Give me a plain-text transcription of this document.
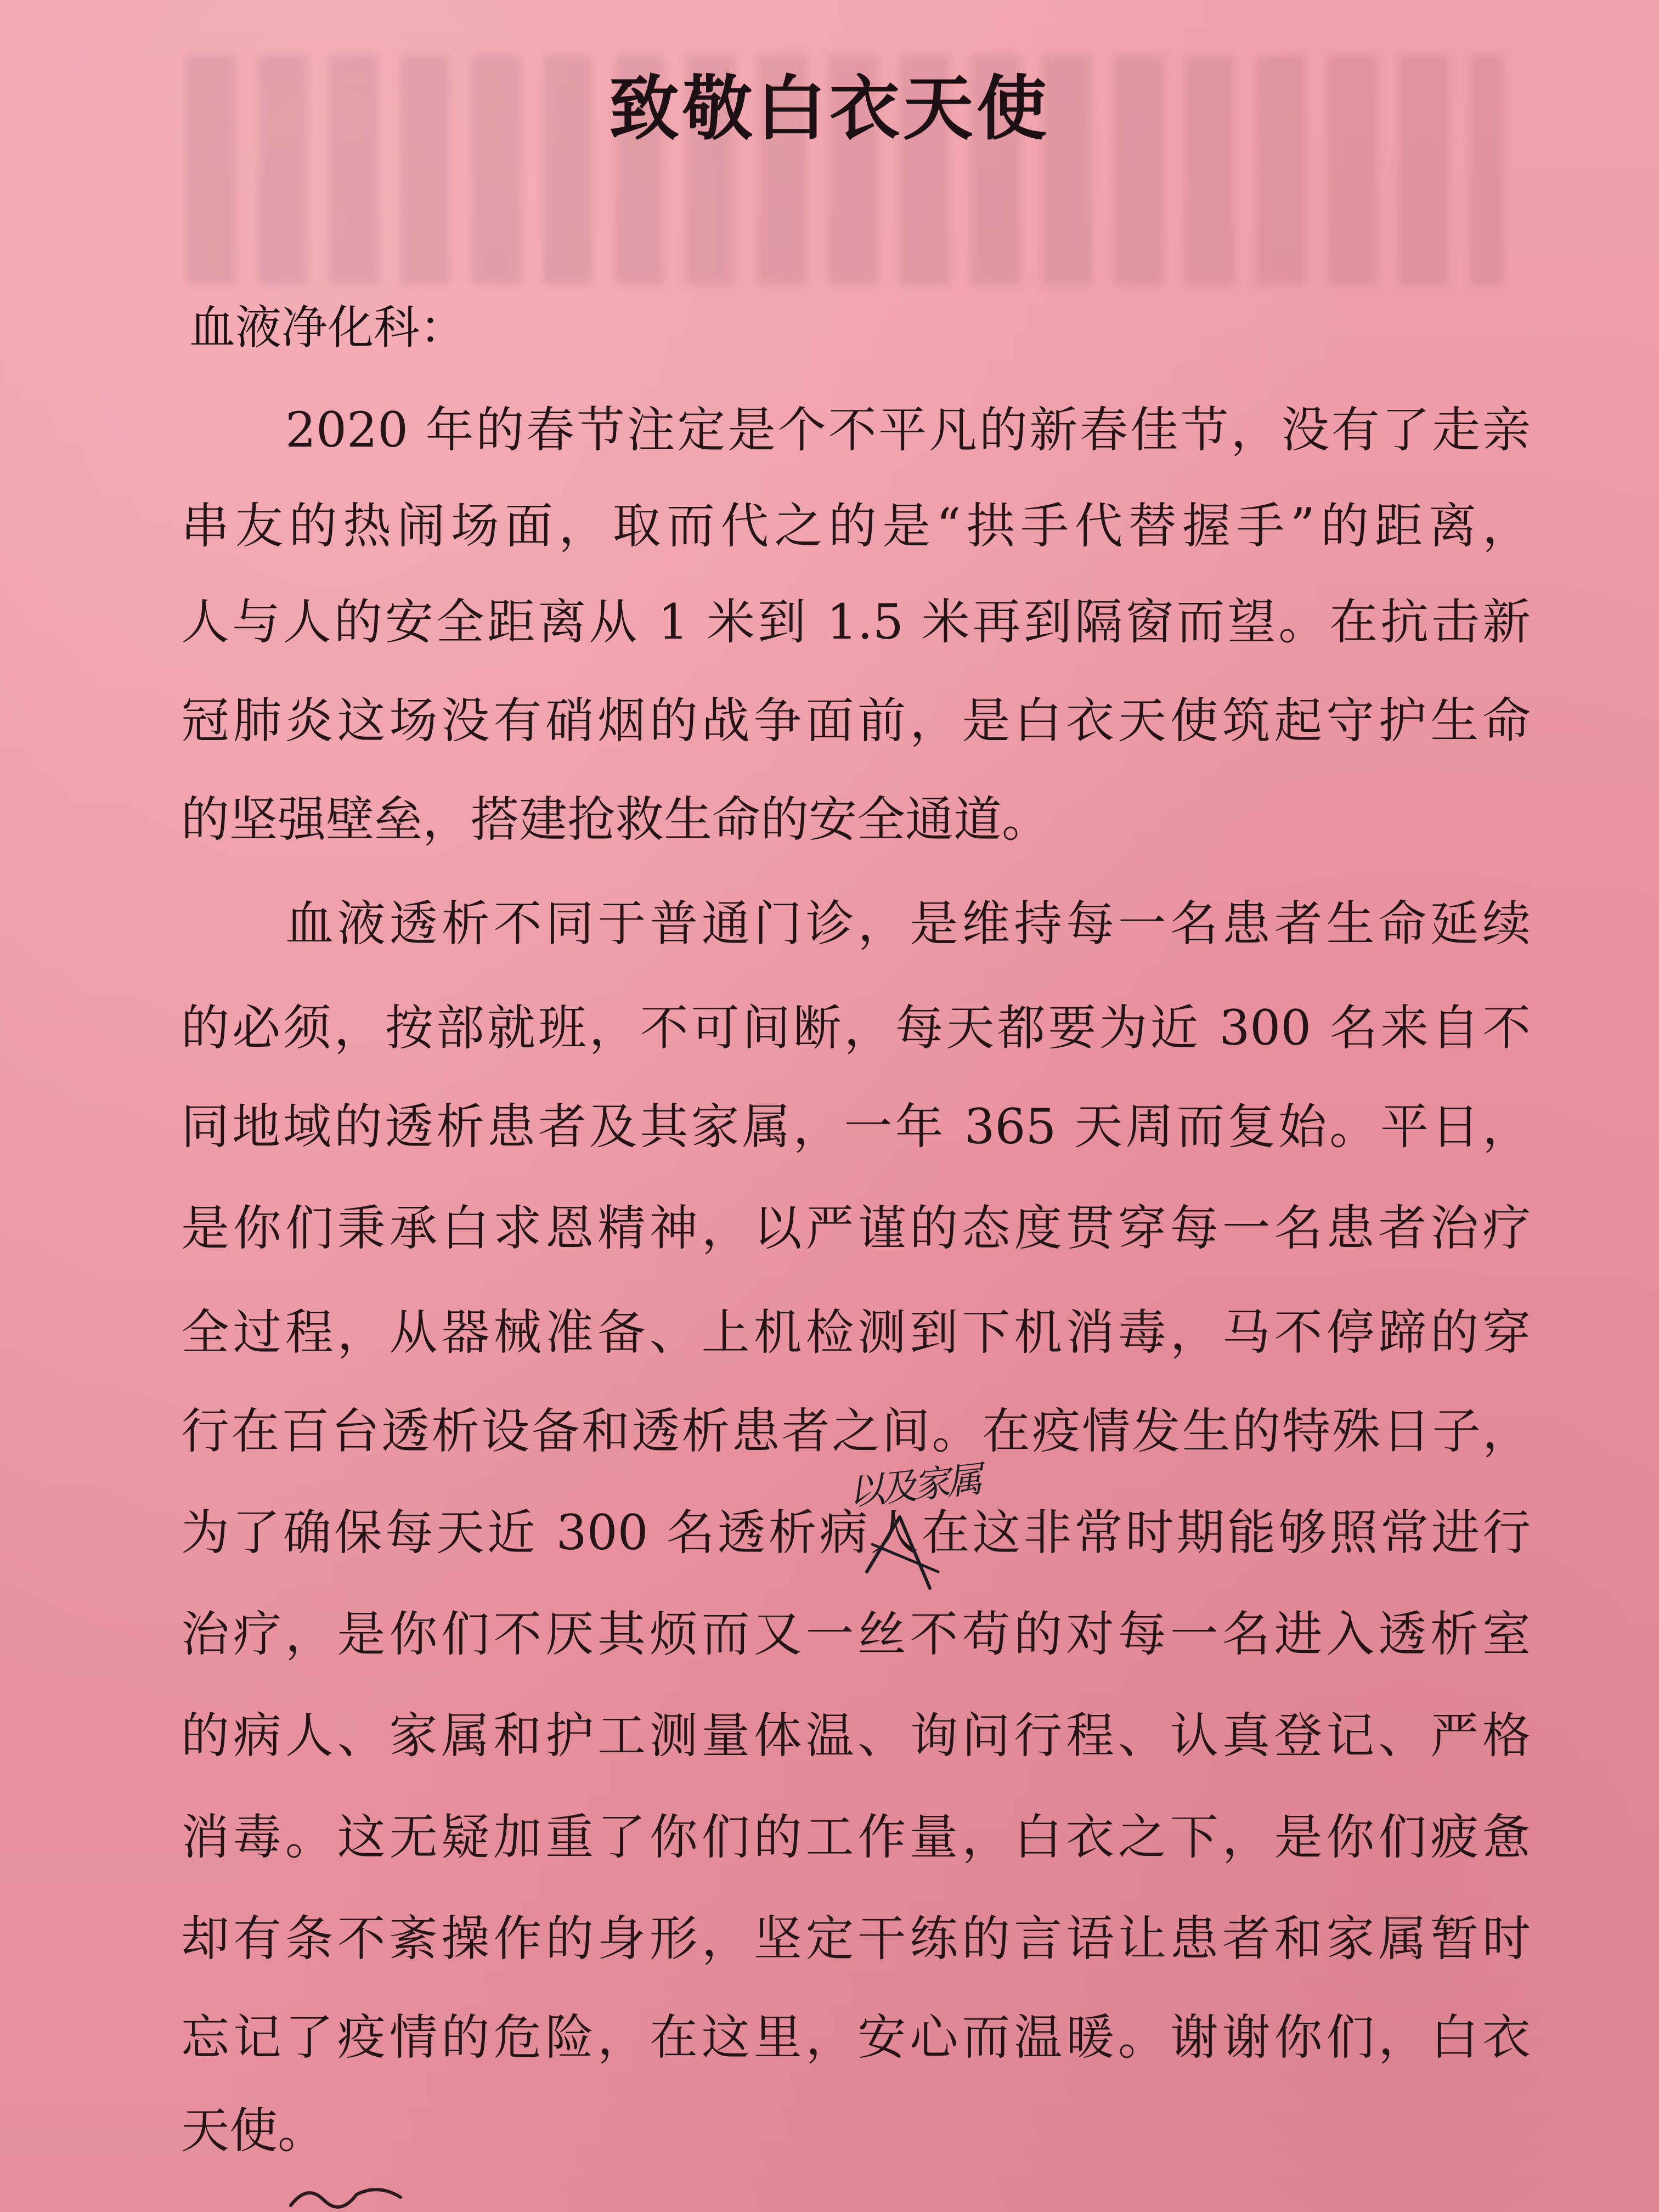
致敬白衣天使
血液净化科：
2020 年的春节注定是个不平凡的新春佳节，没有了走亲
串友的热闹场面，取而代之的是“拱手代替握手”的距离，
人与人的安全距离从 1 米到 1.5 米再到隔窗而望。在抗击新
冠肺炎这场没有硝烟的战争面前，是白衣天使筑起守护生命
的坚强壁垒，搭建抢救生命的安全通道。
血液透析不同于普通门诊，是维持每一名患者生命延续
的必须，按部就班，不可间断，每天都要为近 300 名来自不
同地域的透析患者及其家属，一年 365 天周而复始。平日，
是你们秉承白求恩精神，以严谨的态度贯穿每一名患者治疗
全过程，从器械准备、上机检测到下机消毒，马不停蹄的穿
行在百台透析设备和透析患者之间。在疫情发生的特殊日子，
为了确保每天近 300 名透析病人在这非常时期能够照常进行
治疗，是你们不厌其烦而又一丝不苟的对每一名进入透析室
的病人、家属和护工测量体温、询问行程、认真登记、严格
消毒。这无疑加重了你们的工作量，白衣之下，是你们疲惫
却有条不紊操作的身形，坚定干练的言语让患者和家属暂时
忘记了疫情的危险，在这里，安心而温暖。谢谢你们，白衣
天使。
以及家属
